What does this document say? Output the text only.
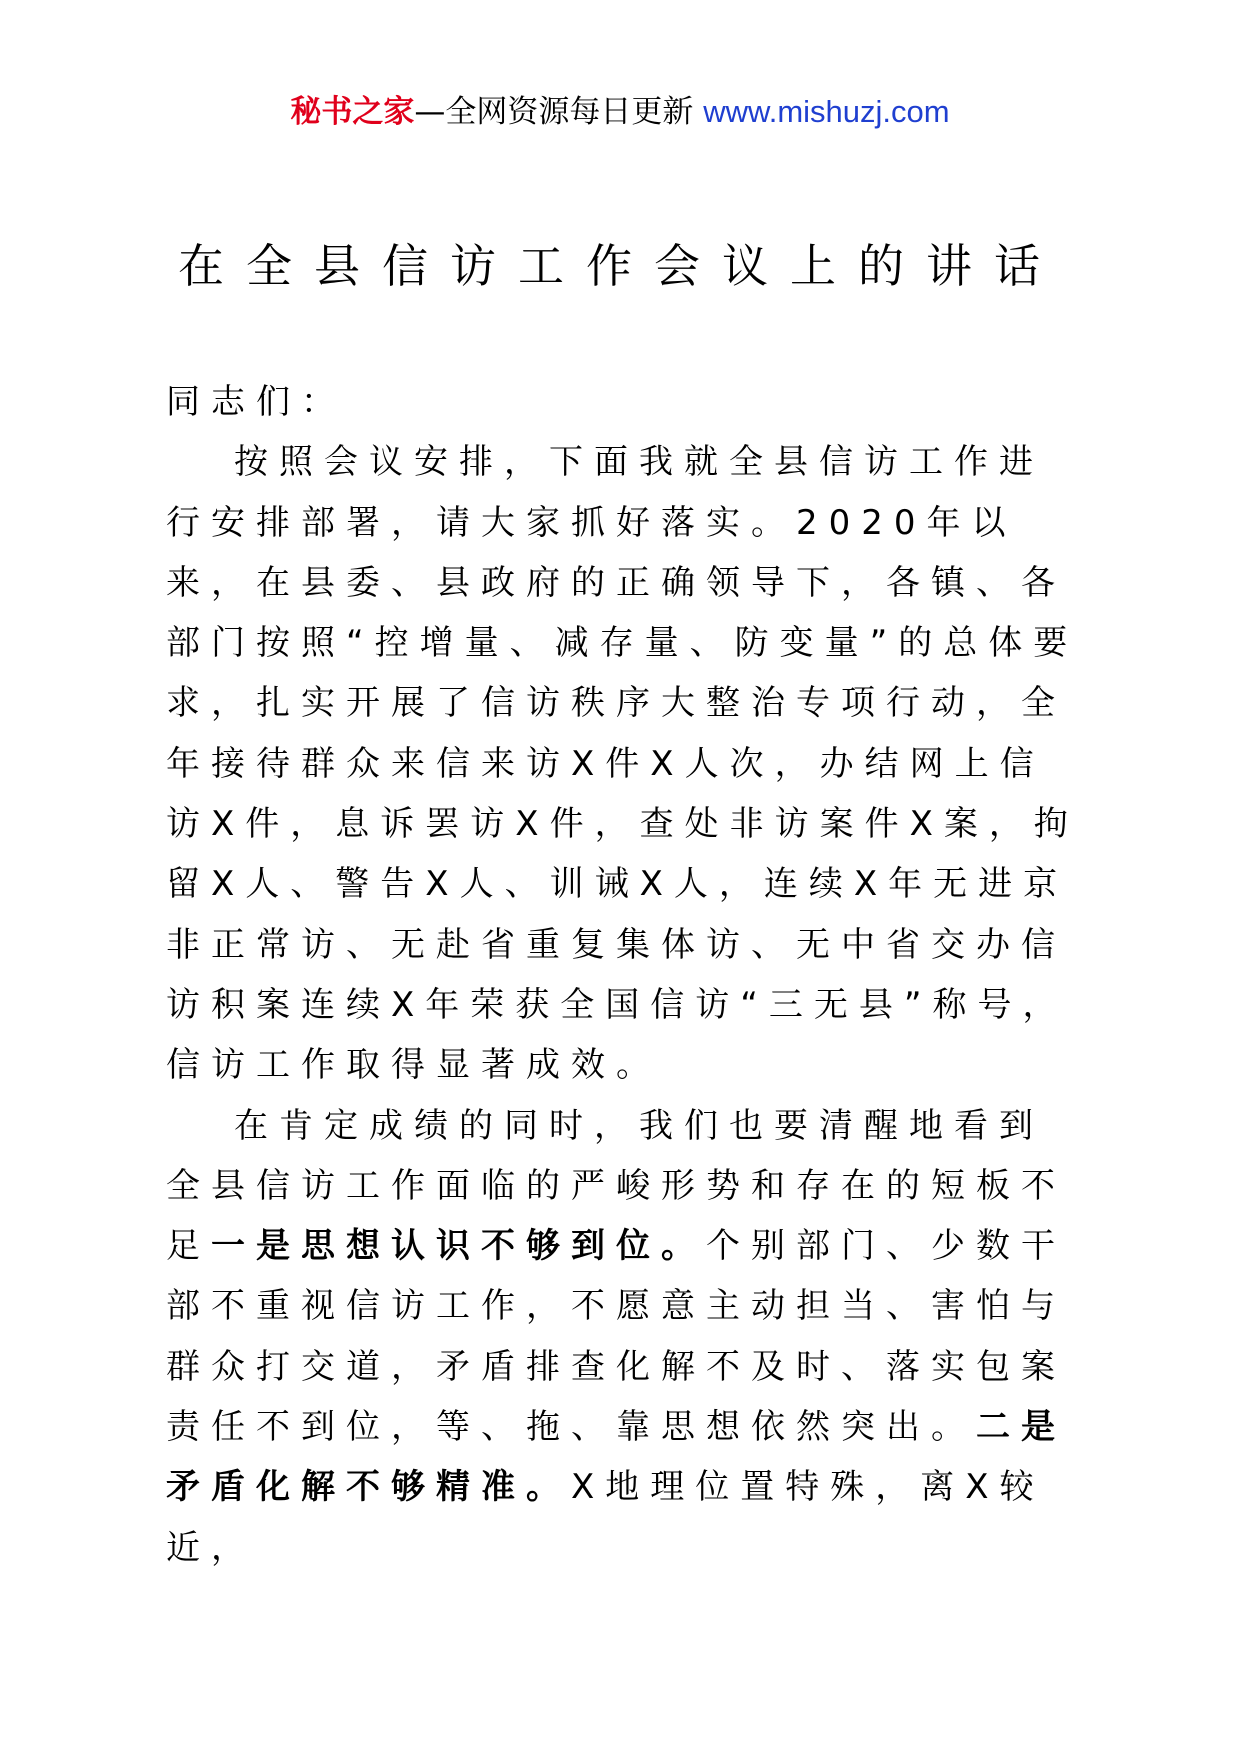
秘书之家—全网资源每日更新 www.mishuzj.com
在全县信访工作会议上的讲话

同志们：

按照会议安排，下面我就全县信访工作进行安排部署，请大家抓好落实。2020年以来，在县委、县政府的正确领导下，各镇、各部门按照“控增量、减存量、防变量”的总体要求，扎实开展了信访秩序大整治专项行动，全年接待群众来信来访X件X人次，办结网上信访X件，息诉罢访X件，查处非访案件X案，拘留X人、警告X人、训诫X人，连续X年无进京非正常访、无赴省重复集体访、无中省交办信访积案连续X年荣获全国信访“三无县”称号，信访工作取得显著成效。

在肯定成绩的同时，我们也要清醒地看到全县信访工作面临的严峻形势和存在的短板不足一是思想认识不够到位。个别部门、少数干部不重视信访工作，不愿意主动担当、害怕与群众打交道，矛盾排查化解不及时、落实包案责任不到位，等、拖、靠思想依然突出。二是矛盾化解不够精准。X地理位置特殊，离X较近，
